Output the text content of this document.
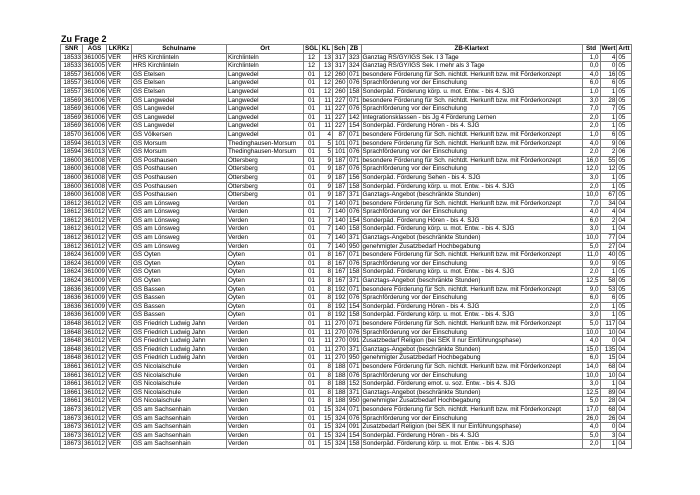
Zu Frage 2
SNR	AGS	LKRKz	Schulname	Ort	SGL	KL	Sch	ZB	ZB-Klartext	Std	Wert	Artt
18533	361005	VER	HRS Kirchlinteln	Kirchlinteln	12	13	317	323	Ganztag RS/GY/IGS Sek. I 3 Tage	1,0	4	05
18533	361005	VER	HRS Kirchlinteln	Kirchlinteln	12	13	317	324	Ganztag RS/GY/IGS Sek. I mehr als 3 Tage	0,0	0	05
18557	361006	VER	GS Etelsen	Langwedel	01	12	260	071	besondere Förderung für Sch. nichtdt. Herkunft bzw. mit Förderkonzept	4,0	16	05
18557	361006	VER	GS Etelsen	Langwedel	01	12	260	076	Sprachförderung vor der Einschulung	6,0	6	05
18557	361006	VER	GS Etelsen	Langwedel	01	12	260	158	Sonderpäd. Förderung körp. u. mot. Entw. - bis 4. SJG	1,0	1	05
18569	361006	VER	GS Langwedel	Langwedel	01	11	227	071	besondere Förderung für Sch. nichtdt. Herkunft bzw. mit Förderkonzept	3,0	28	05
18569	361006	VER	GS Langwedel	Langwedel	01	11	227	076	Sprachförderung vor der Einschulung	7,0	7	05
18569	361006	VER	GS Langwedel	Langwedel	01	11	227	142	Integrationsklassen - bis Jg 4 Förderung Lernen	2,0	1	05
18569	361006	VER	GS Langwedel	Langwedel	01	11	227	154	Sonderpäd. Förderung Hören - bis 4. SJG	2,0	1	05
18570	361006	VER	GS Völkersen	Langwedel	01	4	87	071	besondere Förderung für Sch. nichtdt. Herkunft bzw. mit Förderkonzept	1,0	6	05
18594	361013	VER	GS Morsum	Thedinghausen-Morsum	01	5	101	071	besondere Förderung für Sch. nichtdt. Herkunft bzw. mit Förderkonzept	4,0	9	06
18594	361013	VER	GS Morsum	Thedinghausen-Morsum	01	5	101	076	Sprachförderung vor der Einschulung	2,0	2	06
18600	361008	VER	GS Posthausen	Ottersberg	01	9	187	071	besondere Förderung für Sch. nichtdt. Herkunft bzw. mit Förderkonzept	16,0	55	05
18600	361008	VER	GS Posthausen	Ottersberg	01	9	187	076	Sprachförderung vor der Einschulung	12,0	12	05
18600	361008	VER	GS Posthausen	Ottersberg	01	9	187	156	Sonderpäd. Förderung Sehen - bis 4. SJG	3,0	1	05
18600	361008	VER	GS Posthausen	Ottersberg	01	9	187	158	Sonderpäd. Förderung körp. u. mot. Entw. - bis 4. SJG	2,0	1	05
18600	361008	VER	GS Posthausen	Ottersberg	01	9	187	371	Ganztags-Angebot (beschränkte Stunden)	10,0	67	05
18612	361012	VER	GS am Lönsweg	Verden	01	7	140	071	besondere Förderung für Sch. nichtdt. Herkunft bzw. mit Förderkonzept	7,0	34	04
18612	361012	VER	GS am Lönsweg	Verden	01	7	140	076	Sprachförderung vor der Einschulung	4,0	4	04
18612	361012	VER	GS am Lönsweg	Verden	01	7	140	154	Sonderpäd. Förderung Hören - bis 4. SJG	6,0	2	04
18612	361012	VER	GS am Lönsweg	Verden	01	7	140	158	Sonderpäd. Förderung körp. u. mot. Entw. - bis 4. SJG	3,0	1	04
18612	361012	VER	GS am Lönsweg	Verden	01	7	140	371	Ganztags-Angebot (beschränkte Stunden)	10,0	77	04
18612	361012	VER	GS am Lönsweg	Verden	01	7	140	950	genehmigter Zusatzbedarf Hochbegabung	5,0	27	04
18624	361009	VER	GS Oyten	Oyten	01	8	167	071	besondere Förderung für Sch. nichtdt. Herkunft bzw. mit Förderkonzept	11,0	40	05
18624	361009	VER	GS Oyten	Oyten	01	8	167	076	Sprachförderung vor der Einschulung	9,0	9	05
18624	361009	VER	GS Oyten	Oyten	01	8	167	158	Sonderpäd. Förderung körp. u. mot. Entw. - bis 4. SJG	2,0	1	05
18624	361009	VER	GS Oyten	Oyten	01	8	167	371	Ganztags-Angebot (beschränkte Stunden)	12,5	58	05
18636	361009	VER	GS Bassen	Oyten	01	8	192	071	besondere Förderung für Sch. nichtdt. Herkunft bzw. mit Förderkonzept	9,0	53	05
18636	361009	VER	GS Bassen	Oyten	01	8	192	076	Sprachförderung vor der Einschulung	6,0	6	05
18636	361009	VER	GS Bassen	Oyten	01	8	192	154	Sonderpäd. Förderung Hören - bis 4. SJG	2,0	1	05
18636	361009	VER	GS Bassen	Oyten	01	8	192	158	Sonderpäd. Förderung körp. u. mot. Entw. - bis 4. SJG	3,0	1	05
18648	361012	VER	GS Friedrich Ludwig Jahn	Verden	01	11	270	071	besondere Förderung für Sch. nichtdt. Herkunft bzw. mit Förderkonzept	5,0	117	04
18648	361012	VER	GS Friedrich Ludwig Jahn	Verden	01	11	270	076	Sprachförderung vor der Einschulung	10,0	10	04
18648	361012	VER	GS Friedrich Ludwig Jahn	Verden	01	11	270	091	Zusatzbedarf Religion (bei SEK II nur Einführungsphase)	4,0	0	04
18648	361012	VER	GS Friedrich Ludwig Jahn	Verden	01	11	270	371	Ganztags-Angebot (beschränkte Stunden)	15,0	135	04
18648	361012	VER	GS Friedrich Ludwig Jahn	Verden	01	11	270	950	genehmigter Zusatzbedarf Hochbegabung	6,0	15	04
18661	361012	VER	GS Nicolaischule	Verden	01	8	188	071	besondere Förderung für Sch. nichtdt. Herkunft bzw. mit Förderkonzept	14,0	68	04
18661	361012	VER	GS Nicolaischule	Verden	01	8	188	076	Sprachförderung vor der Einschulung	10,0	10	04
18661	361012	VER	GS Nicolaischule	Verden	01	8	188	152	Sonderpäd. Förderung emot. u. soz. Entw. - bis 4. SJG	3,0	1	04
18661	361012	VER	GS Nicolaischule	Verden	01	8	188	371	Ganztags-Angebot (beschränkte Stunden)	12,5	89	04
18661	361012	VER	GS Nicolaischule	Verden	01	8	188	950	genehmigter Zusatzbedarf Hochbegabung	5,0	28	04
18673	361012	VER	GS am Sachsenhain	Verden	01	15	324	071	besondere Förderung für Sch. nichtdt. Herkunft bzw. mit Förderkonzept	17,0	68	04
18673	361012	VER	GS am Sachsenhain	Verden	01	15	324	076	Sprachförderung vor der Einschulung	26,0	26	04
18673	361012	VER	GS am Sachsenhain	Verden	01	15	324	091	Zusatzbedarf Religion (bei SEK II nur Einführungsphase)	4,0	0	04
18673	361012	VER	GS am Sachsenhain	Verden	01	15	324	154	Sonderpäd. Förderung Hören - bis 4. SJG	5,0	3	04
18673	361012	VER	GS am Sachsenhain	Verden	01	15	324	158	Sonderpäd. Förderung körp. u. mot. Entw. - bis 4. SJG	2,0	1	04
